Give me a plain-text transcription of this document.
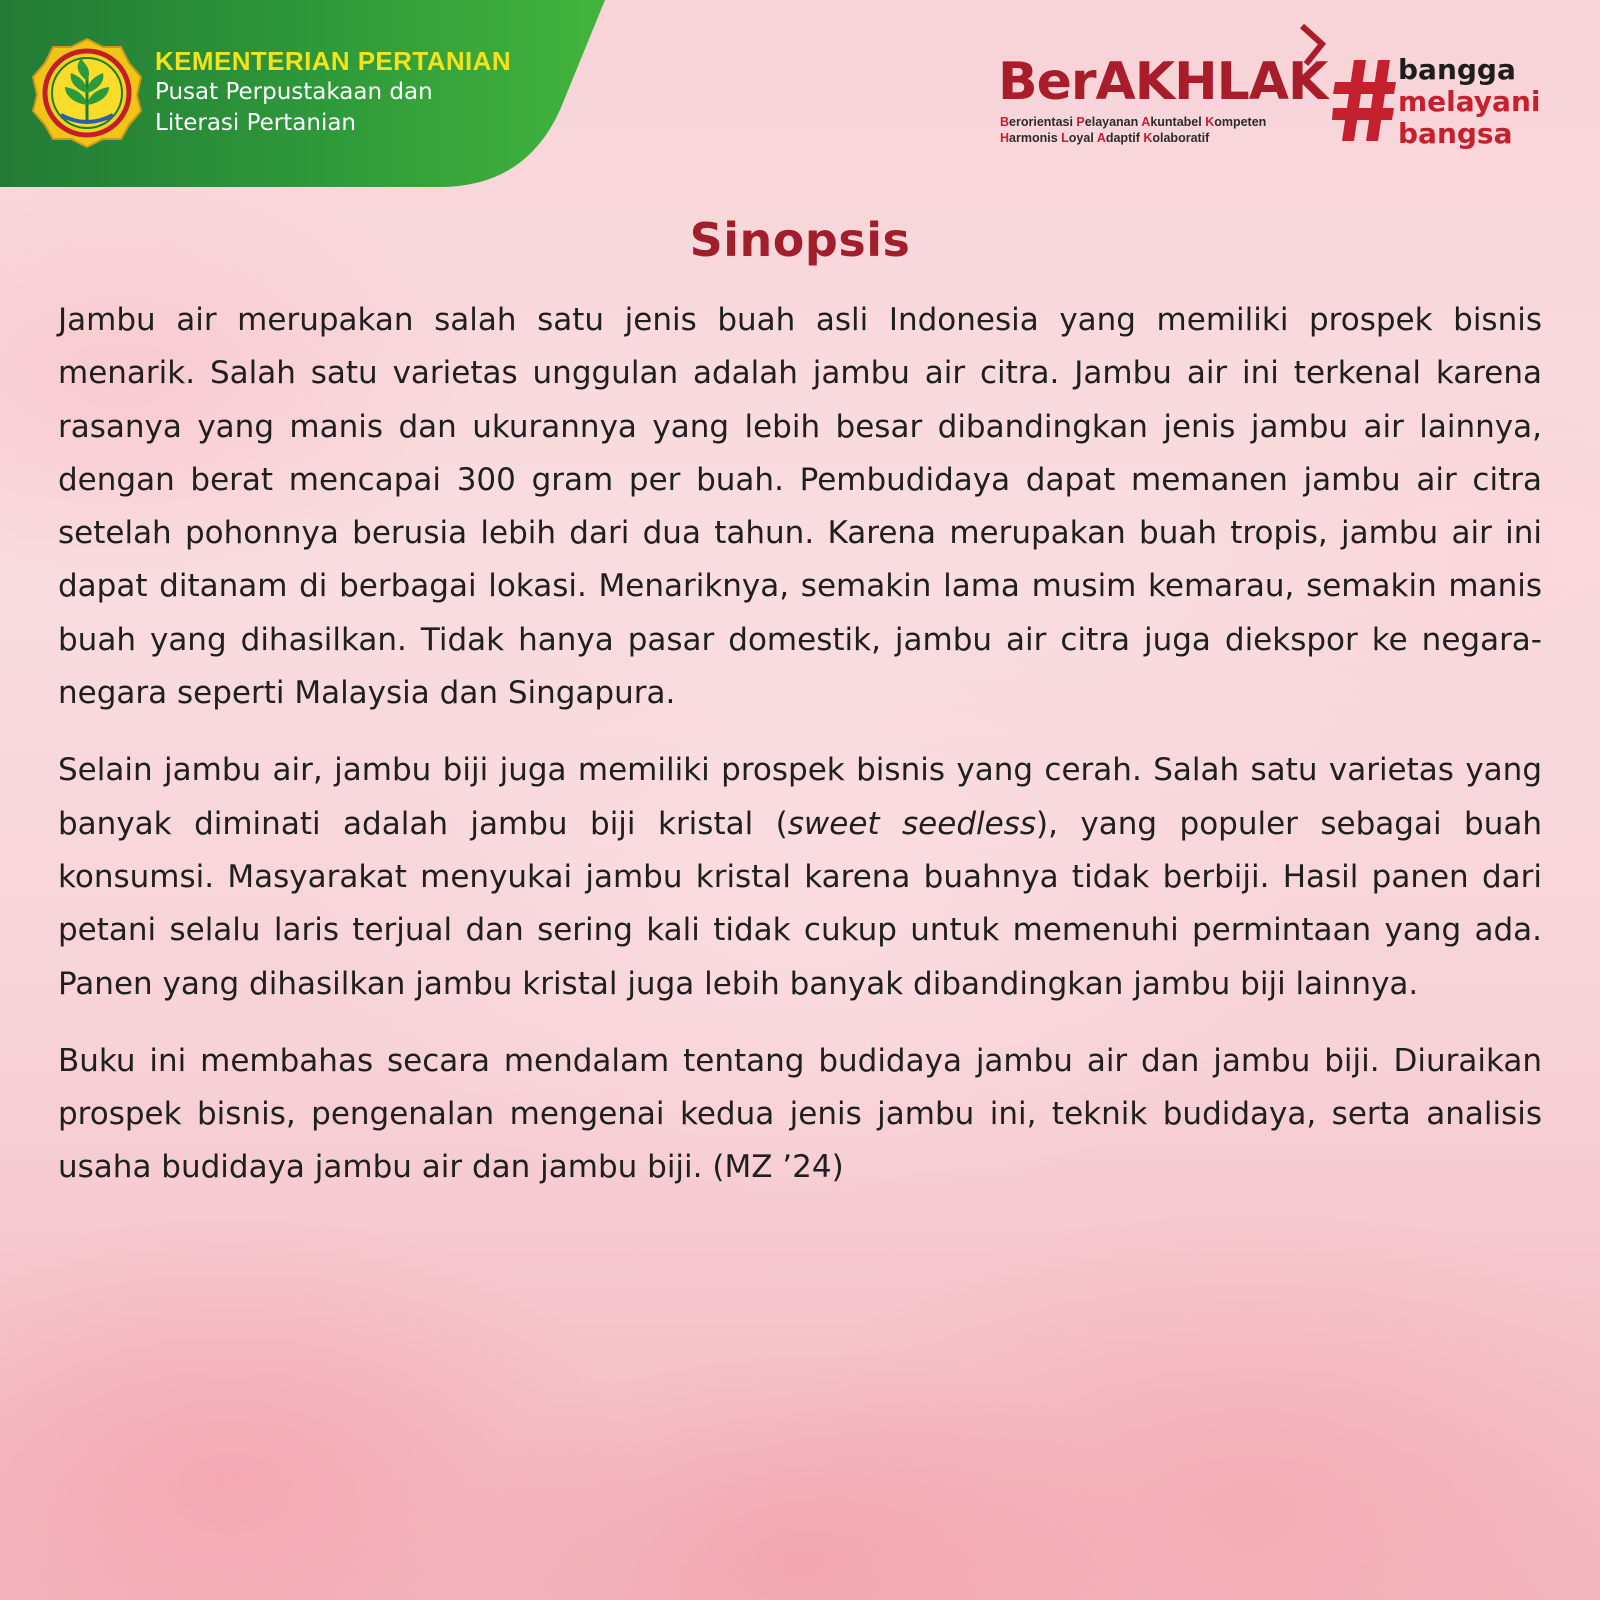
KEMENTERIAN PERTANIAN
Pusat Perpustakaan dan
Literasi Pertanian
BerAKHLAK
Berorientasi Pelayanan Akuntabel Kompeten
Harmonis Loyal Adaptif Kolaboratif
bangga
melayani
bangsa
Sinopsis

Jambu air merupakan salah satu jenis buah asli Indonesia yang memiliki prospek bisnis menarik. Salah satu varietas unggulan adalah jambu air citra. Jambu air ini terkenal karena rasanya yang manis dan ukurannya yang lebih besar dibandingkan jenis jambu air lainnya, dengan berat mencapai 300 gram per buah. Pembudidaya dapat memanen jambu air citra setelah pohonnya berusia lebih dari dua tahun. Karena merupakan buah tropis, jambu air ini dapat ditanam di berbagai lokasi. Menariknya, semakin lama musim kemarau, semakin manis buah yang dihasilkan. Tidak hanya pasar domestik, jambu air citra juga diekspor ke negara-negara seperti Malaysia dan Singapura.

Selain jambu air, jambu biji juga memiliki prospek bisnis yang cerah. Salah satu varietas yang banyak diminati adalah jambu biji kristal (sweet seedless), yang populer sebagai buah konsumsi. Masyarakat menyukai jambu kristal karena buahnya tidak berbiji. Hasil panen dari petani selalu laris terjual dan sering kali tidak cukup untuk memenuhi permintaan yang ada. Panen yang dihasilkan jambu kristal juga lebih banyak dibandingkan jambu biji lainnya.

Buku ini membahas secara mendalam tentang budidaya jambu air dan jambu biji. Diuraikan prospek bisnis, pengenalan mengenai kedua jenis jambu ini, teknik budidaya, serta analisis usaha budidaya jambu air dan jambu biji. (MZ ’24)
